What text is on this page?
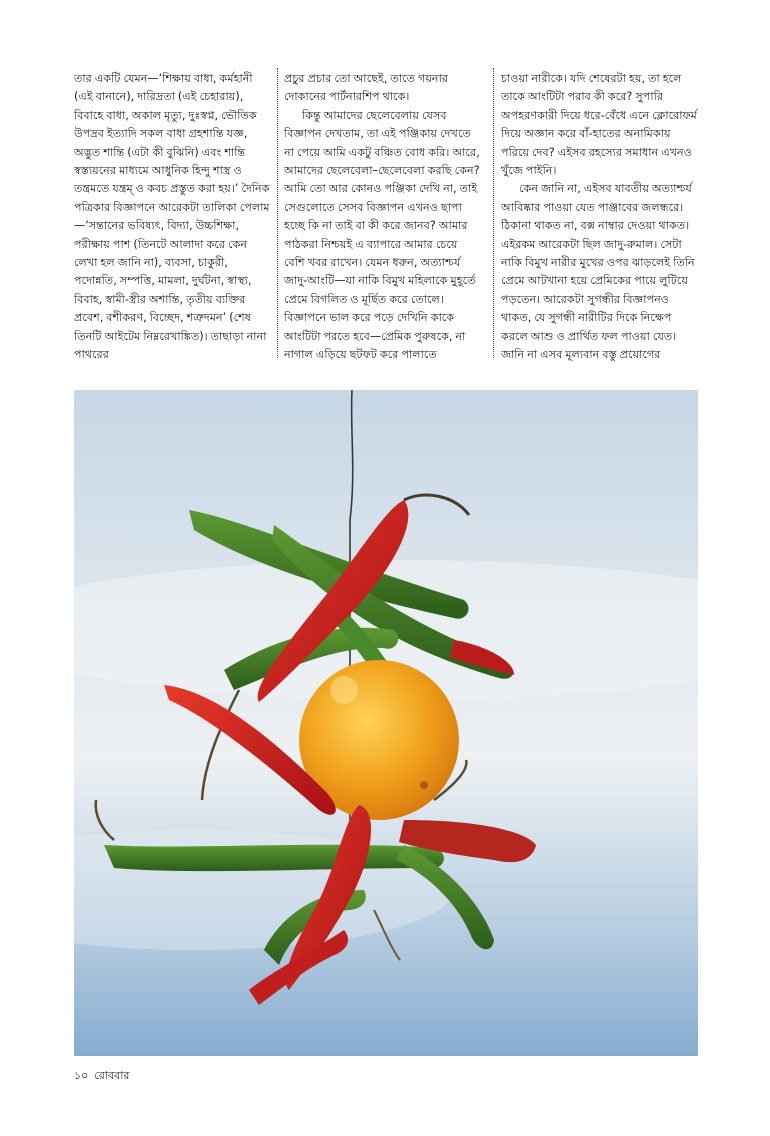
তার একটি যেমন—‘শিক্ষায় বাধা, কর্মহানী (এই বানানে), দারিদ্রতা (এই চেহারায়), বিবাহে বাধা, অকাল মৃত্যু, দুঃস্বপ্ন, ভৌতিক উপদ্রব ইত্যাদি সকল বাধা গ্রহশান্তি যজ্ঞ, অদ্ভুত শান্তি (এটা কী বুঝিনি) এবং শান্তি স্বস্ত্যয়নের মাধ্যমে আধুনিক হিন্দু শাস্ত্র ও তন্ত্রমতে যন্ত্রম্ ও কবচ প্রস্তুত করা হয়।’ দৈনিক পত্রিকার বিজ্ঞাপনে আরেকটা তালিকা পেলাম—‘সন্তানের ভবিষ্যৎ, বিদ্যা, উচ্চশিক্ষা, পরীক্ষায় পাশ (তিনটে আলাদা করে কেন লেখা হল জানি না), ব্যবসা, চাকুরী, পদোন্নতি, সম্পত্তি, মামলা, দুর্ঘটনা, স্বাস্থ্য, বিবাহ, স্বামী-স্ত্রীর অশান্তি, তৃতীয় ব্যক্তির প্রবেশ, বশীকরণ, বিচ্ছেদ, শত্রুদমন’ (শেষ তিনটি আইটেম নিম্নরেখাঙ্কিত)। তাছাড়া নানা পাথরের

প্রচুর প্রচার তো আছেই, তাতে গয়নার দোকানের পার্টনারশিপ থাকে।

কিন্তু আমাদের ছেলেবেলায় যেসব বিজ্ঞাপন দেখতাম, তা এই পঞ্জিকায় দেখতে না পেয়ে আমি একটু বঞ্চিত বোধ করি। আরে, আমাদের ছেলেবেলা–ছেলেবেলা করছি কেন? আমি তো আর কোনও পঞ্জিকা দেখি না, তাই সেগুলোতে সেসব বিজ্ঞাপন এখনও ছাপা হচ্ছে কি না তাই বা কী করে জানব? আমার পাঠকরা নিশ্চয়ই এ ব্যাপারে আমার চেয়ে বেশি খবর রাখেন। যেমন ধরুন, অত্যাশ্চর্য জাদু-আংটি—যা নাকি বিমুখ মহিলাকে মুহূর্তে প্রেমে বিগলিত ও মূর্ছিত করে তোলে। বিজ্ঞাপনে ভাল করে পড়ে দেখিনি কাকে আংটিটা পরতে হবে—প্রেমিক পুরুষকে, না নাগাল এড়িয়ে ছটফট করে পালাতে

চাওয়া নারীকে। যদি শেষেরটা হয়, তা হলে তাকে আংটিটা পরাব কী করে? সুপারি অপহরণকারী দিয়ে ধরে-বেঁধে এনে ক্লোরোফর্ম দিয়ে অজ্ঞান করে বাঁ-হাতের অনামিকায় পরিয়ে দেব? এইসব রহস্যের সমাধান এখনও খুঁজে পাইনি।

কেন জানি না, এইসব যাবতীয় অত্যাশ্চর্য আবিষ্কার পাওয়া যেত পাঞ্জাবের জলন্ধরে। ঠিকানা থাকত না, বক্স নাম্বার দেওয়া থাকত। এইরকম আরেকটা ছিল জাদু-রুমাল। সেটা নাকি বিমুখ নারীর মুখের ওপর ঝাড়লেই তিনি প্রেমে আটখানা হয়ে প্রেমিকের পায়ে লুটিয়ে পড়তেন। আরেকটা সুগন্ধীর বিজ্ঞাপনও থাকত, যে সুগন্ধী নারীটির দিকে নিক্ষেপ করলে আশু ও প্রার্থিত ফল পাওয়া যেত। জানি না এসব মূল্যবান বস্তু প্রয়োগের

১০ রোববার
